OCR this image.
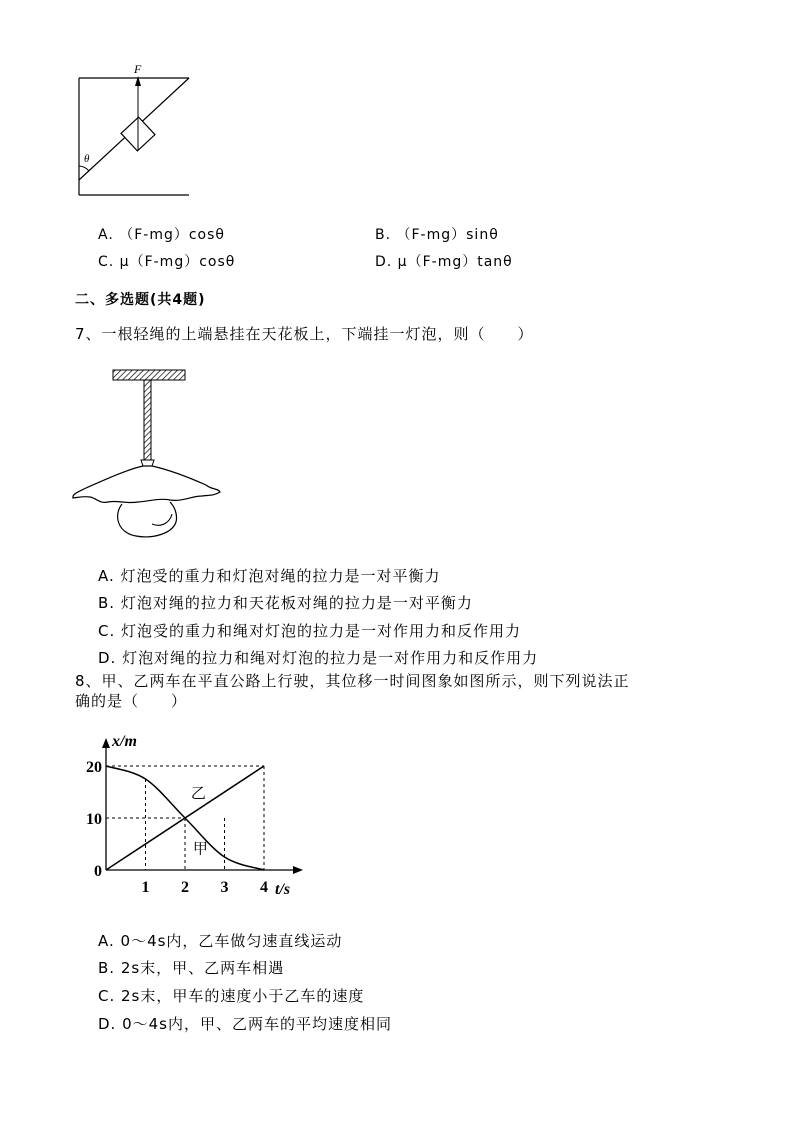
F
θ
A. （F-mg）cosθ	B. （F-mg）sinθ
C. μ（F-mg）cosθ	D. μ（F-mg）tanθ
二、多选题(共4题)
7、一根轻绳的上端悬挂在天花板上，下端挂一灯泡，则（　　）
A. 灯泡受的重力和灯泡对绳的拉力是一对平衡力
B. 灯泡对绳的拉力和天花板对绳的拉力是一对平衡力
C. 灯泡受的重力和绳对灯泡的拉力是一对作用力和反作用力
D. 灯泡对绳的拉力和绳对灯泡的拉力是一对作用力和反作用力
8、甲、乙两车在平直公路上行驶，其位移一时间图象如图所示，则下列说法正
确的是（　　）
乙
甲
0
10
20
1 2 3 4
x/m
t/s
A. 0～4s内，乙车做匀速直线运动
B. 2s末，甲、乙两车相遇
C. 2s末，甲车的速度小于乙车的速度
D. 0～4s内，甲、乙两车的平均速度相同
